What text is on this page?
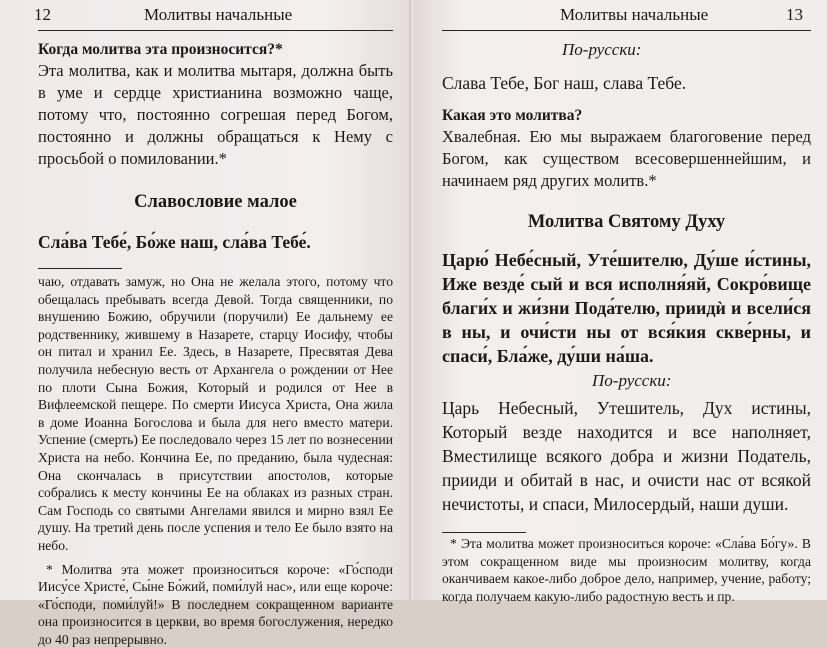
12	Молитвы начальные

Когда молитва эта произносится?*

Эта молитва, как и молитва мытаря, должна быть в уме и сердце христианина возможно чаще, потому что, постоянно согрешая перед Богом, постоянно и должны обращаться к Нему с просьбой о помиловании.*

Славословие малое

Сла́ва Тебе́, Бо́же наш, сла́ва Тебе́.

чаю, отдавать замуж, но Она не желала этого, потому что обещалась пребывать всегда Девой. Тогда священники, по внушению Божию, обручили (поручили) Ее дальнему ее родственнику, жившему в Назарете, старцу Иосифу, чтобы он питал и хранил Ее. Здесь, в Назарете, Пресвятая Дева получила небесную весть от Архангела о рождении от Нее по плоти Сына Божия, Который и родился от Нее в Вифлеемской пещере. По смерти Иисуса Христа, Она жила в доме Иоанна Богослова и была для него вместо матери. Успение (смерть) Ее последовало через 15 лет по вознесении Христа на небо. Кончина Ее, по преданию, была чудесная: Она скончалась в присутствии апостолов, которые собрались к месту кончины Ее на облаках из разных стран. Сам Господь со святыми Ангелами явился и мирно взял Ее душу. На третий день после успения и тело Ее было взято на небо.

* Молитва эта может произноситься короче: «Го́споди Иису́се Христе́, Сы́не Бо́жий, поми́луй нас», или еще короче: «Го́споди, поми́луй!» В последнем сокращенном варианте она произносится в церкви, во время богослужения, нередко до 40 раз непрерывно.

Молитвы начальные	13

По-русски:

Слава Тебе, Бог наш, слава Тебе.

Какая это молитва?

Хвалебная. Ею мы выражаем благоговение перед Богом, как существом всесовершеннейшим, и начинаем ряд других молитв.*

Молитва Святому Духу

Царю́ Небе́сный, Уте́шителю, Ду́ше и́стины, Иже везде́ сый и вся исполня́яй, Сокро́вище благи́х и жи́зни Пода́телю, приидѝ и всели́ся в ны, и очи́сти ны от вся́кия скве́рны, и спаси́, Бла́же, ду́ши на́ша.

По-русски:

Царь Небесный, Утешитель, Дух истины, Который везде находится и все наполняет, Вместилище всякого добра и жизни Податель, прииди и обитай в нас, и очисти нас от всякой нечистоты, и спаси, Милосердый, наши души.

* Эта молитва может произноситься короче: «Сла́ва Бо́гу». В этом сокращенном виде мы произносим молитву, когда оканчиваем какое-либо доброе дело, например, учение, работу; когда получаем какую-либо радостную весть и пр.
